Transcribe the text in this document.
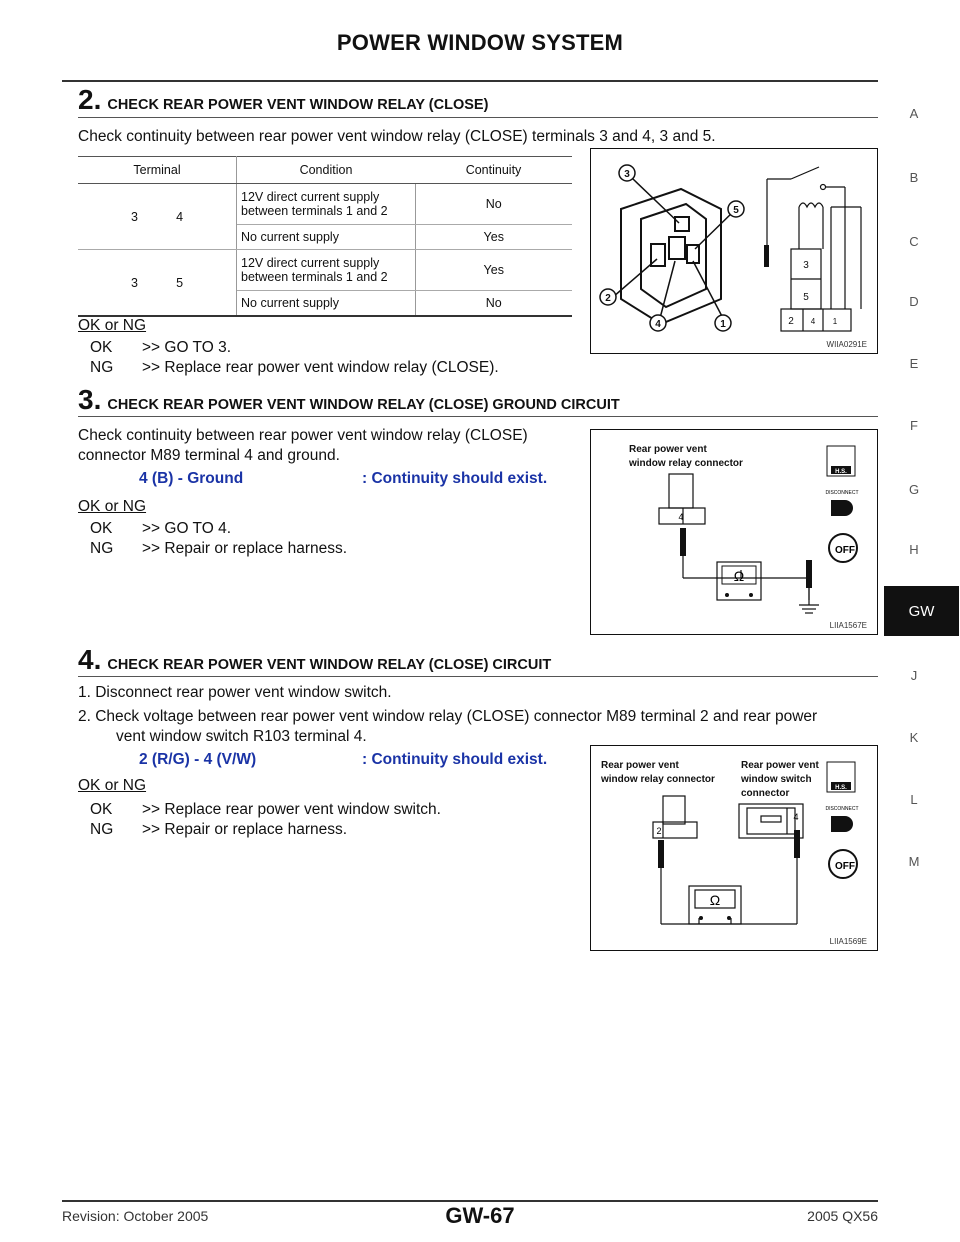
POWER WINDOW SYSTEM
A
B
C
D
E
F
G
H
GW
J
K
L
M
2. CHECK REAR POWER VENT WINDOW RELAY (CLOSE)
Check continuity between rear power vent window relay (CLOSE) terminals 3 and 4, 3 and 5.
Terminal	Condition	Continuity
3 4	12V direct current supply between terminals 1 and 2	No
	No current supply	Yes
3 5	12V direct current supply between terminals 1 and 2	Yes
	No current supply	No
OK or NG
OK >> GO TO 3.
NG >> Replace rear power vent window relay (CLOSE).
3
5
2
4	1
3
5
2 4 1
WIIA0291E
3. CHECK REAR POWER VENT WINDOW RELAY (CLOSE) GROUND CIRCUIT
Check continuity between rear power vent window relay (CLOSE)
connector M89 terminal 4 and ground.
4 (B) - Ground	: Continuity should exist.
OK or NG
OK >> GO TO 4.
NG >> Repair or replace harness.
Rear power vent
window relay connector
Ω
4
H.S.
DISCONNECT
OFF
LIIA1567E
4. CHECK REAR POWER VENT WINDOW RELAY (CLOSE) CIRCUIT
1. Disconnect rear power vent window switch.
2. Check voltage between rear power vent window relay (CLOSE) connector M89 terminal 2 and rear power
vent window switch R103 terminal 4.
2 (R/G) - 4 (V/W)	: Continuity should exist.
OK or NG
OK >> Replace rear power vent window switch.
NG >> Repair or replace harness.
Rear power vent
window relay connector
Rear power vent
window switch
connector
Ω
2
4
H.S.
DISCONNECT
OFF
LIIA1569E
Revision: October 2005	GW-67	2005 QX56
